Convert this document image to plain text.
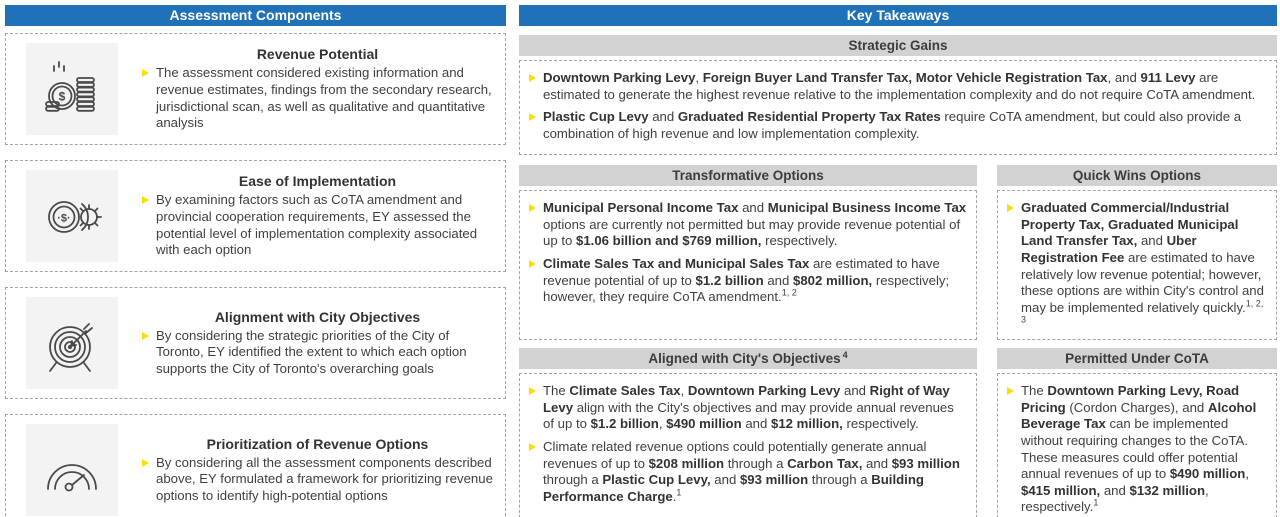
Assessment Components
$
Revenue Potential

The assessment considered existing information and revenue estimates, findings from the secondary research, jurisdictional scan, as well as qualitative and quantitative analysis

·$·
Ease of Implementation

By examining factors such as CoTA amendment and provincial cooperation requirements, EY assessed the potential level of implementation complexity associated with each option

Alignment with City Objectives

By considering the strategic priorities of the City of Toronto, EY identified the extent to which each option supports the City of Toronto's overarching goals

Prioritization of Revenue Options

By considering all the assessment components described above, EY formulated a framework for prioritizing revenue options to identify high-potential options

Key Takeaways
Strategic Gains

Downtown Parking Levy, Foreign Buyer Land Transfer Tax, Motor Vehicle Registration Tax, and 911 Levy are estimated to generate the highest revenue relative to the implementation complexity and do not require CoTA amendment.

Plastic Cup Levy and Graduated Residential Property Tax Rates require CoTA amendment, but could also provide a combination of high revenue and low implementation complexity.

Transformative Options

Municipal Personal Income Tax and Municipal Business Income Tax options are currently not permitted but may provide revenue potential of up to $1.06 billion and $769 million, respectively.

Climate Sales Tax and Municipal Sales Tax are estimated to have revenue potential of up to $1.2 billion and $802 million, respectively; however, they require CoTA amendment.$^{1, 2}$

Quick Wins Options

Graduated Commercial/Industrial Property Tax, Graduated Municipal Land Transfer Tax, and Uber Registration Fee are estimated to have relatively low revenue potential; however, these options are within City's control and may be implemented relatively quickly.$^{1, 2, 3}$

Aligned with City's Objectives $^4$

The Climate Sales Tax, Downtown Parking Levy and Right of Way Levy align with the City's objectives and may provide annual revenues of up to $1.2 billion, $490 million and $12 million, respectively.

Climate related revenue options could potentially generate annual revenues of up to $208 million through a Carbon Tax, and $93 million through a Plastic Cup Levy, and $93 million through a Building Performance Charge.$^1$

Permitted Under CoTA

The Downtown Parking Levy, Road Pricing (Cordon Charges), and Alcohol Beverage Tax can be implemented without requiring changes to the CoTA. These measures could offer potential annual revenues of up to $490 million, $415 million, and $132 million, respectively.$^1$
